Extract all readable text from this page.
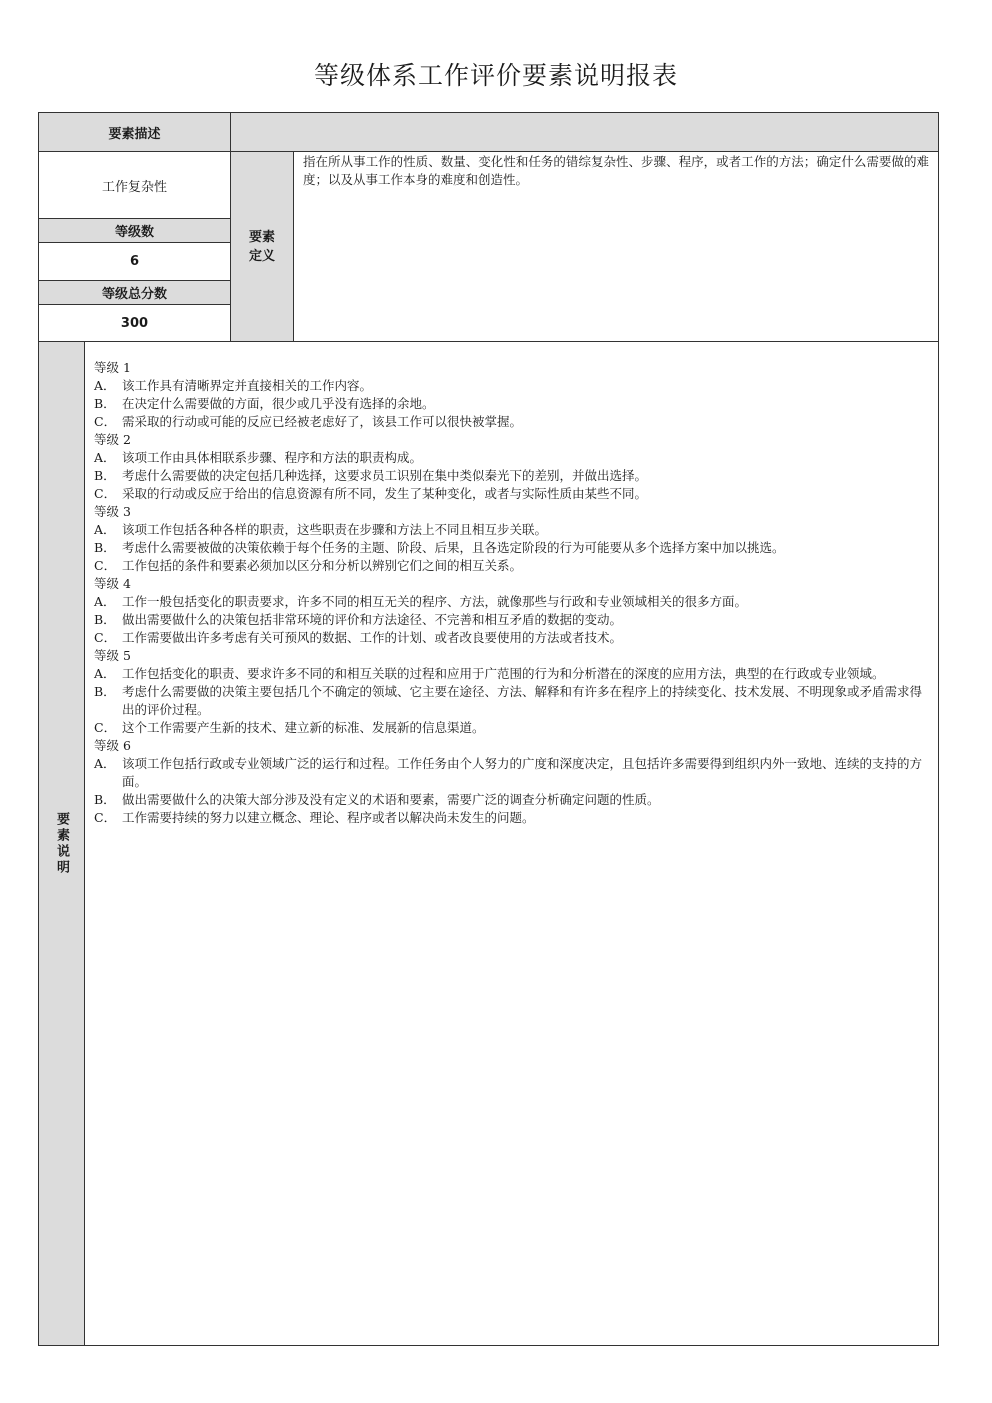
等级体系工作评价要素说明报表
要素描述
工作复杂性
等级数
6
等级总分数
300
要素定义
指在所从事工作的性质、数量、变化性和任务的错综复杂性、步骤、程序，或者工作的方法；确定什么需要做的难度；以及从事工作本身的难度和创造性。
要素说明
等级 1
A． 该工作具有清晰界定并直接相关的工作内容。
B． 在决定什么需要做的方面，很少或几乎没有选择的余地。
C． 需采取的行动或可能的反应已经被老虑好了，该县工作可以很快被掌握。
等级 2
A． 该项工作由具体相联系步骤、程序和方法的职责构成。
B． 考虑什么需要做的决定包括几种选择，这要求员工识别在集中类似秦光下的差别，并做出选择。
C． 采取的行动或反应于给出的信息资源有所不同，发生了某种变化，或者与实际性质由某些不同。
等级 3
A． 该项工作包括各种各样的职责，这些职责在步骤和方法上不同且相互步关联。
B． 考虑什么需要被做的决策依赖于每个任务的主题、阶段、后果，且各选定阶段的行为可能要从多个选择方案中加以挑选。
C． 工作包括的条件和要素必须加以区分和分析以辨别它们之间的相互关系。
等级 4
A． 工作一般包括变化的职责要求，许多不同的相互无关的程序、方法，就像那些与行政和专业领域相关的很多方面。
B． 做出需要做什么的决策包括非常环境的评价和方法途径、不完善和相互矛盾的数据的变动。
C． 工作需要做出许多考虑有关可预风的数据、工作的计划、或者改良要使用的方法或者技术。
等级 5
A． 工作包括变化的职责、要求许多不同的和相互关联的过程和应用于广范围的行为和分析潜在的深度的应用方法，典型的在行政或专业领域。
B． 考虑什么需要做的决策主要包括几个不确定的领域、它主要在途径、方法、解释和有许多在程序上的持续变化、技术发展、不明现象或矛盾需求得出的评价过程。
C． 这个工作需要产生新的技术、建立新的标准、发展新的信息渠道。
等级 6
A． 该项工作包括行政或专业领域广泛的运行和过程。工作任务由个人努力的广度和深度决定，且包括许多需要得到组织内外一致地、连续的支持的方面。
B． 做出需要做什么的决策大部分涉及没有定义的术语和要素，需要广泛的调查分析确定问题的性质。
C． 工作需要持续的努力以建立概念、理论、程序或者以解决尚未发生的问题。
